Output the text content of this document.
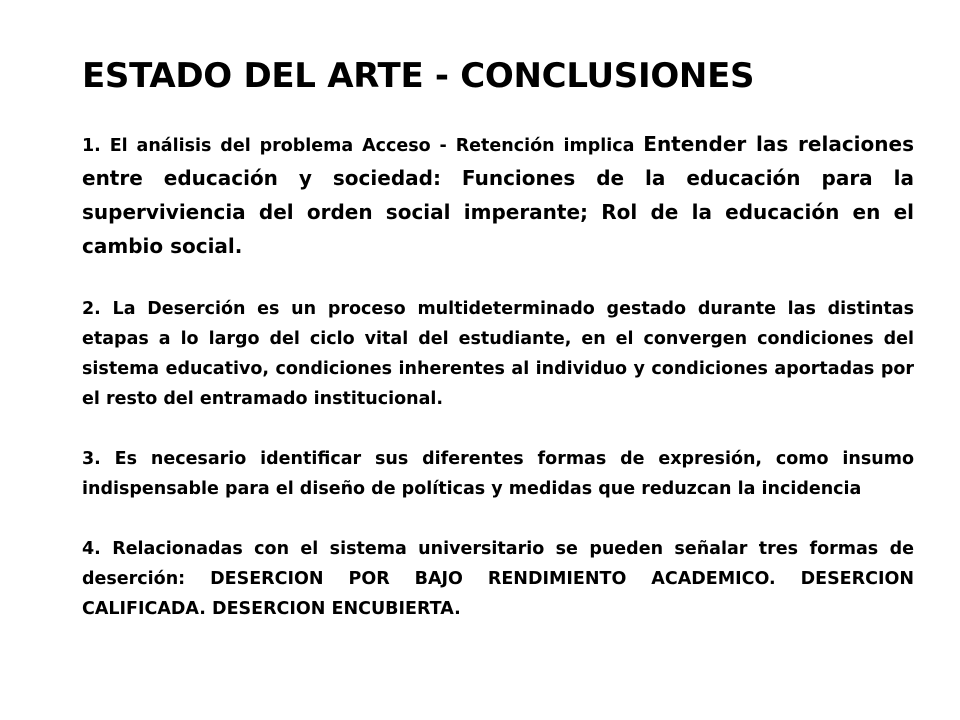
ESTADO DEL ARTE - CONCLUSIONES

1. El análisis del problema Acceso - Retención implica Entender las relaciones entre educación y sociedad: Funciones de la educación para la superviviencia del orden social imperante; Rol de la educación en el cambio social.

2. La Deserción es un proceso multideterminado gestado durante las distintas etapas a lo largo del ciclo vital del estudiante, en el convergen condiciones del sistema educativo, condiciones inherentes al individuo y condiciones aportadas por el resto del entramado institucional.

3. Es necesario identificar sus diferentes formas de expresión, como insumo indispensable para el diseño de políticas y medidas que reduzcan la incidencia

4. Relacionadas con el sistema universitario se pueden señalar tres formas de deserción: DESERCION POR BAJO RENDIMIENTO ACADEMICO. DESERCION CALIFICADA. DESERCION ENCUBIERTA.
